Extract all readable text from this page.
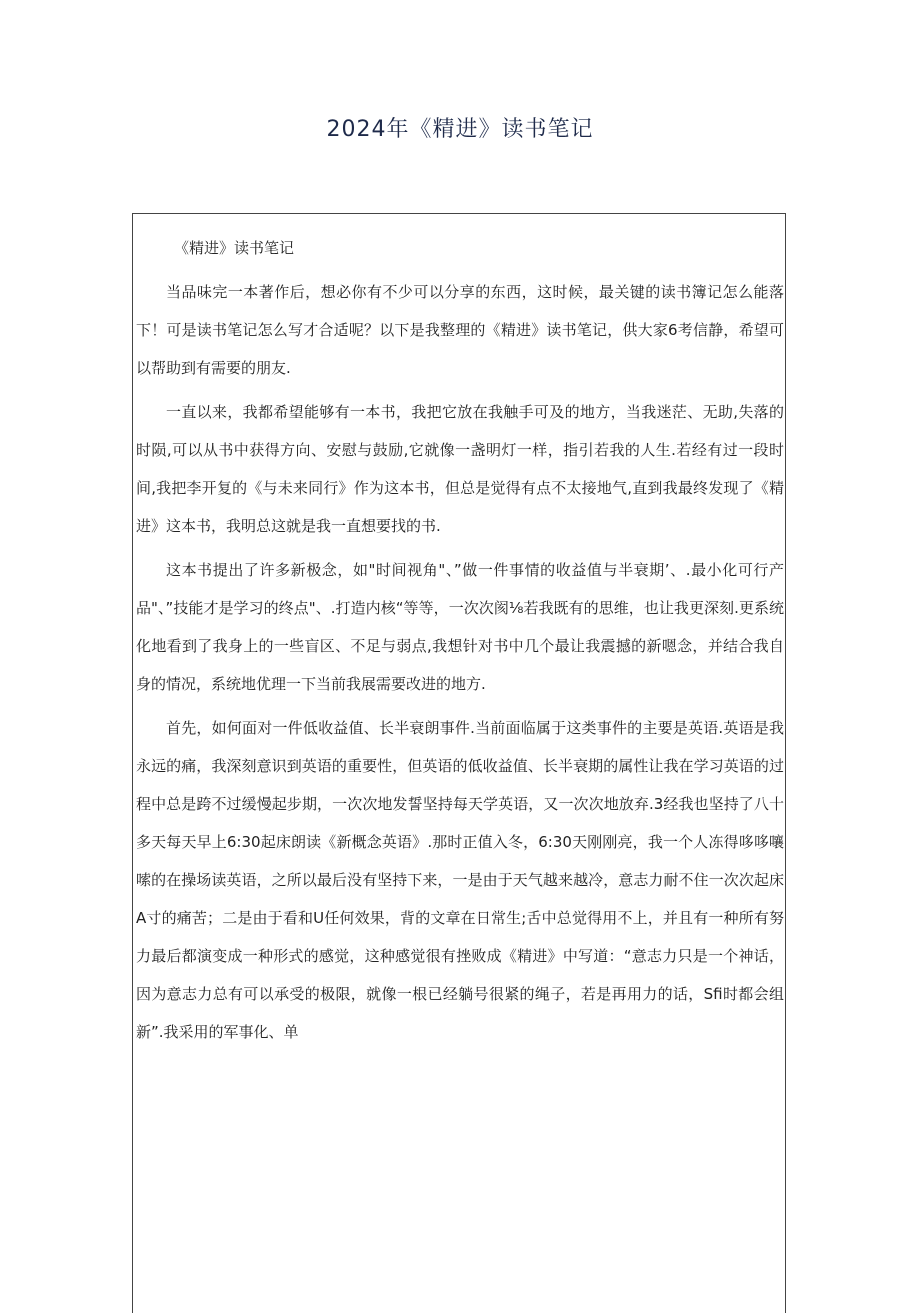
2024年《精进》读书笔记

《精进》读书笔记

当品味完一本著作后，想必你有不少可以分享的东西，这时候，最关键的读书簿记怎么能落下！可是读书笔记怎么写才合适呢？以下是我整理的《精进》读书笔记，供大家6考信静，希望可以帮助到有需要的朋友.

一直以来，我都希望能够有一本书，我把它放在我触手可及的地方，当我迷茫、无助,失落的时陨,可以从书中获得方向、安慰与鼓励,它就像一盏明灯一样，指引若我的人生.若经有过一段时间,我把李开复的《与未来同行》作为这本书，但总是觉得有点不太接地气,直到我最终发现了《精进》这本书，我明总这就是我一直想要找的书.

这本书提出了许多新极念，如"时间视角"、”做一件事情的收益值与半衰期’、.最小化可行产品"、”技能才是学习的终点"、.打造内核“等等，一次次阂⅛若我既有的思维，也让我更深刻.更系统化地看到了我身上的一些盲区、不足与弱点,我想针对书中几个最让我震撼的新嗯念，并结合我自身的情况，系统地优理一下当前我展需要改进的地方.

首先，如何面对一件低收益值、长半衰朗事件.当前面临属于这类事件的主要是英语.英语是我永远的痛，我深刻意识到英语的重要性，但英语的低收益值、长半衰期的属性让我在学习英语的过程中总是跨不过缓慢起步期，一次次地发誓坚持每天学英语，又一次次地放弃.3经我也坚持了八十多天每天早上6:30起床朗读《新概念英语》.那时正值入冬，6:30天刚刚亮，我一个人冻得哆哆嚷嗦的在操场读英语，之所以最后没有坚持下来，一是由于天气越来越冷，意志力耐不住一次次起床A寸的痛苦；二是由于看和U任何效果，背的文章在日常生;舌中总觉得用不上，并且有一种所有努力最后都演变成一种形式的感觉，这种感觉很有挫败成《精进》中写道：“意志力只是一个神话，因为意志力总有可以承受的极限，就像一根已经躺号很紧的绳子，若是再用力的话，Sfi时都会组新”.我采用的军事化、单
